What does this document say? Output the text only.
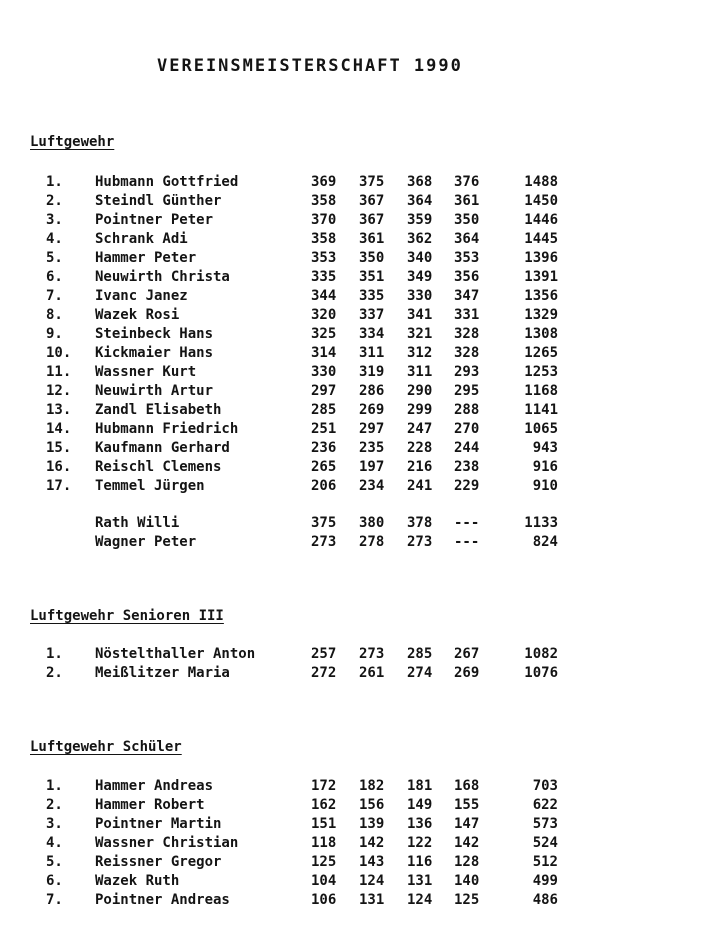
VEREINSMEISTERSCHAFT 1990
Luftgewehr
1. Hubmann Gottfried	369 375 368 376	1488
2. Steindl Günther	358 367 364 361	1450
3. Pointner Peter	370 367 359 350	1446
4. Schrank Adi	358 361 362 364	1445
5. Hammer Peter	353 350 340 353	1396
6. Neuwirth Christa	335 351 349 356	1391
7. Ivanc Janez	344 335 330 347	1356
8. Wazek Rosi	320 337 341 331	1329
9. Steinbeck Hans	325 334 321 328	1308
10. Kickmaier Hans	314 311 312 328	1265
11. Wassner Kurt	330 319 311 293	1253
12. Neuwirth Artur	297 286 290 295	1168
13. Zandl Elisabeth	285 269 299 288	1141
14. Hubmann Friedrich	251 297 247 270	1065
15. Kaufmann Gerhard	236 235 228 244	943
16. Reischl Clemens	265 197 216 238	916
17. Temmel Jürgen	206 234 241 229	910
Rath Willi	375 380 378 ---	1133
Wagner Peter	273 278 273 ---	824
Luftgewehr Senioren III
1. Nöstelthaller Anton	257 273 285 267	1082
2. Meißlitzer Maria	272 261 274 269	1076
Luftgewehr Schüler
1. Hammer Andreas	172 182 181 168	703
2. Hammer Robert	162 156 149 155	622
3. Pointner Martin	151 139 136 147	573
4. Wassner Christian	118 142 122 142	524
5. Reissner Gregor	125 143 116 128	512
6. Wazek Ruth	104 124 131 140	499
7. Pointner Andreas	106 131 124 125	486
